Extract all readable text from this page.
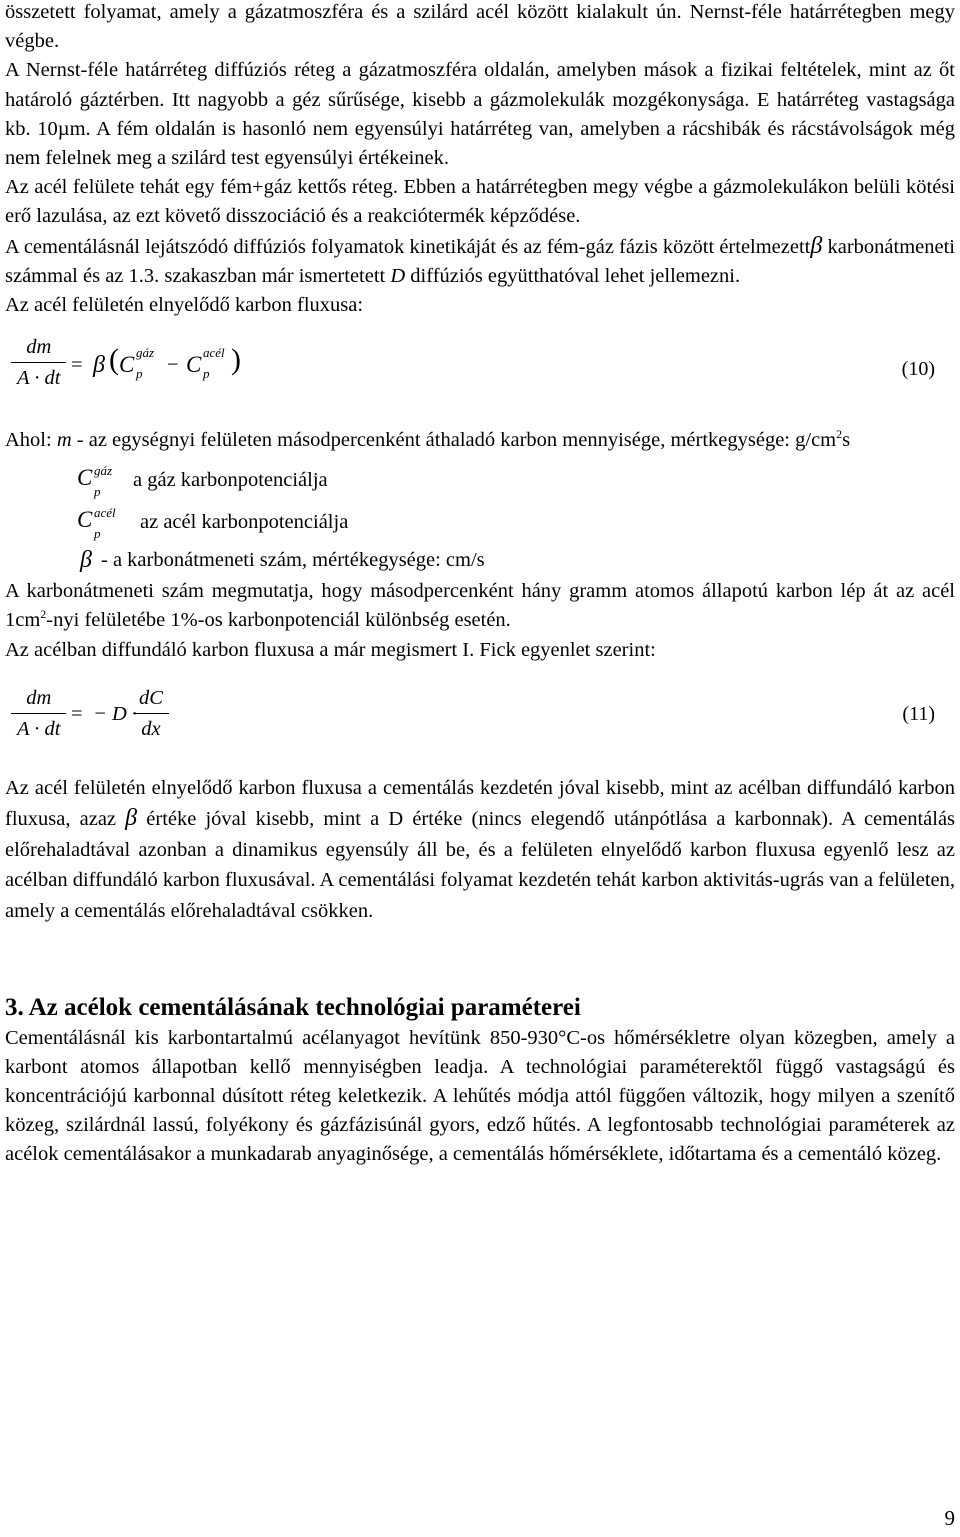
összetett folyamat, amely a gázatmoszféra és a szilárd acél között kialakult ún. Nernst-féle határrétegben megy végbe.

A Nernst-féle határréteg diffúziós réteg a gázatmoszféra oldalán, amelyben mások a fizikai feltételek, mint az őt határoló gáztérben. Itt nagyobb a géz sűrűsége, kisebb a gázmolekulák mozgékonysága. E határréteg vastagsága kb. 10µm. A fém oldalán is hasonló nem egyensúlyi határréteg van, amelyben a rácshibák és rácstávolságok még nem felelnek meg a szilárd test egyensúlyi értékeinek.

Az acél felülete tehát egy fém+gáz kettős réteg. Ebben a határrétegben megy végbe a gázmolekulákon belüli kötési erő lazulása, az ezt követő disszociáció és a reakciótermék képződése.

A cementálásnál lejátszódó diffúziós folyamatok kinetikáját és az fém-gáz fázis között értelmezettβ karbonátmeneti számmal és az 1.3. szakaszban már ismertetett D diffúziós együtthatóval lehet jellemezni.

Az acél felületén elnyelődő karbon fluxusa:

dm
A · dt
= β ( C gáz
p − C acél
p )	(10)

Ahol: m - az egységnyi felületen másodpercenként áthaladó karbon mennyisége, mértkegysége: $g/cm^2s$

C gáz
p
a gáz karbonpotenciálja
C acél
p
az acél karbonpotenciálja
β - a karbonátmeneti szám, mértékegysége: cm/s

A karbonátmeneti szám megmutatja, hogy másodpercenként hány gramm atomos állapotú karbon lép át az acél $1cm^2$-nyi felületébe 1%-os karbonpotenciál különbség esetén.

Az acélban diffundáló karbon fluxusa a már megismert I. Fick egyenlet szerint:

dm
A · dt
= − D ·
dC
dx
(11)

Az acél felületén elnyelődő karbon fluxusa a cementálás kezdetén jóval kisebb, mint az acélban diffundáló karbon fluxusa, azaz β értéke jóval kisebb, mint a D értéke (nincs elegendő utánpótlása a karbonnak). A cementálás előrehaladtával azonban a dinamikus egyensúly áll be, és a felületen elnyelődő karbon fluxusa egyenlő lesz az acélban diffundáló karbon fluxusával. A cementálási folyamat kezdetén tehát karbon aktivitás-ugrás van a felületen, amely a cementálás előrehaladtával csökken.

3. Az acélok cementálásának technológiai paraméterei

Cementálásnál kis karbontartalmú acélanyagot hevítünk 850-930°C-os hőmérsékletre olyan közegben, amely a karbont atomos állapotban kellő mennyiségben leadja. A technológiai paraméterektől függő vastagságú és koncentrációjú karbonnal dúsított réteg keletkezik. A lehűtés módja attól függően változik, hogy milyen a szenítő közeg, szilárdnál lassú, folyékony és gázfázisúnál gyors, edző hűtés. A legfontosabb technológiai paraméterek az acélok cementálásakor a munkadarab anyaginősége, a cementálás hőmérséklete, időtartama és a cementáló közeg.

9
